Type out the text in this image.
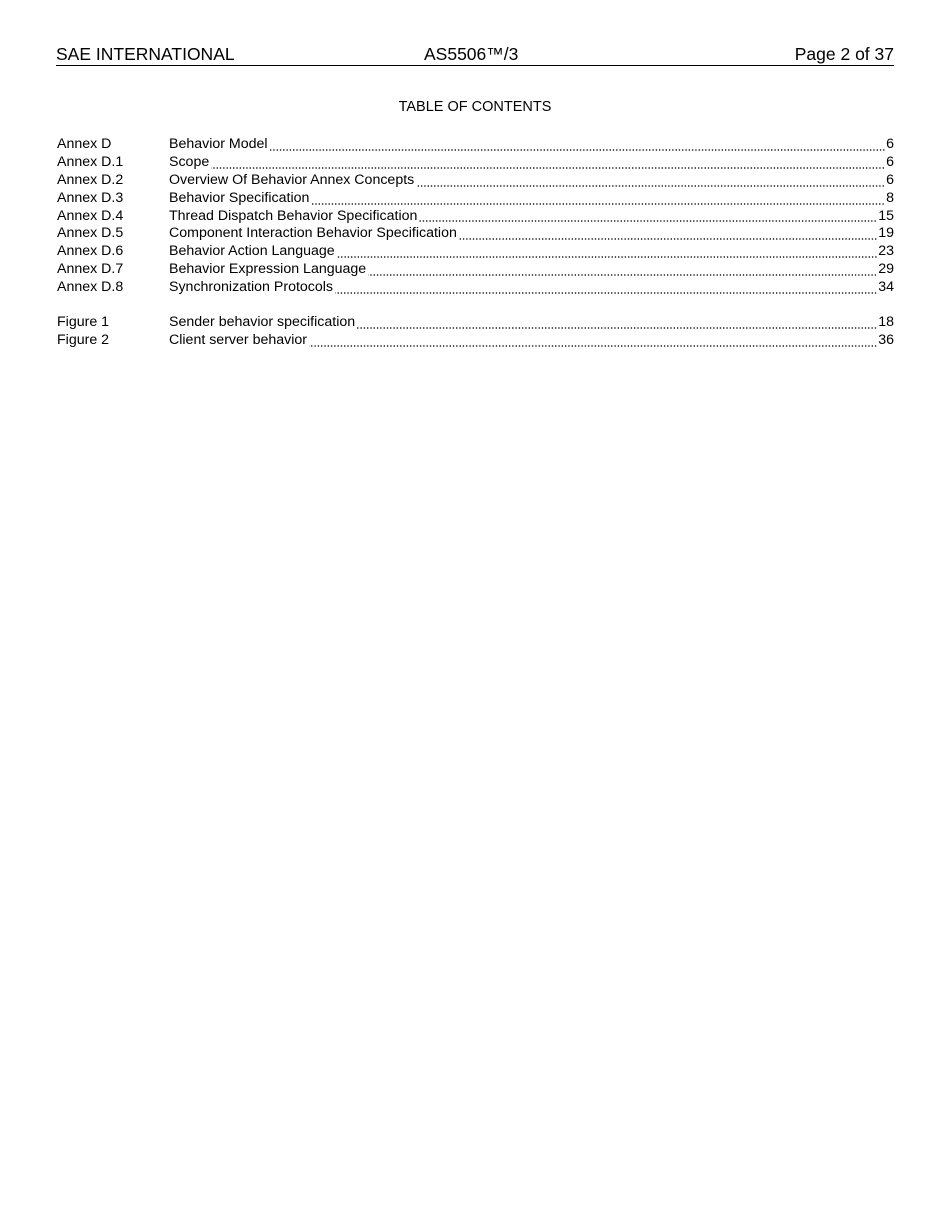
SAE INTERNATIONAL	AS5506™/3	Page 2 of 37
TABLE OF CONTENTS
Annex D	Behavior Model	6
Annex D.1	Scope	6
Annex D.2	Overview Of Behavior Annex Concepts	6
Annex D.3	Behavior Specification	8
Annex D.4	Thread Dispatch Behavior Specification	15
Annex D.5	Component Interaction Behavior Specification	19
Annex D.6	Behavior Action Language	23
Annex D.7	Behavior Expression Language	29
Annex D.8	Synchronization Protocols	34
Figure 1	Sender behavior specification	18
Figure 2	Client server behavior	36
